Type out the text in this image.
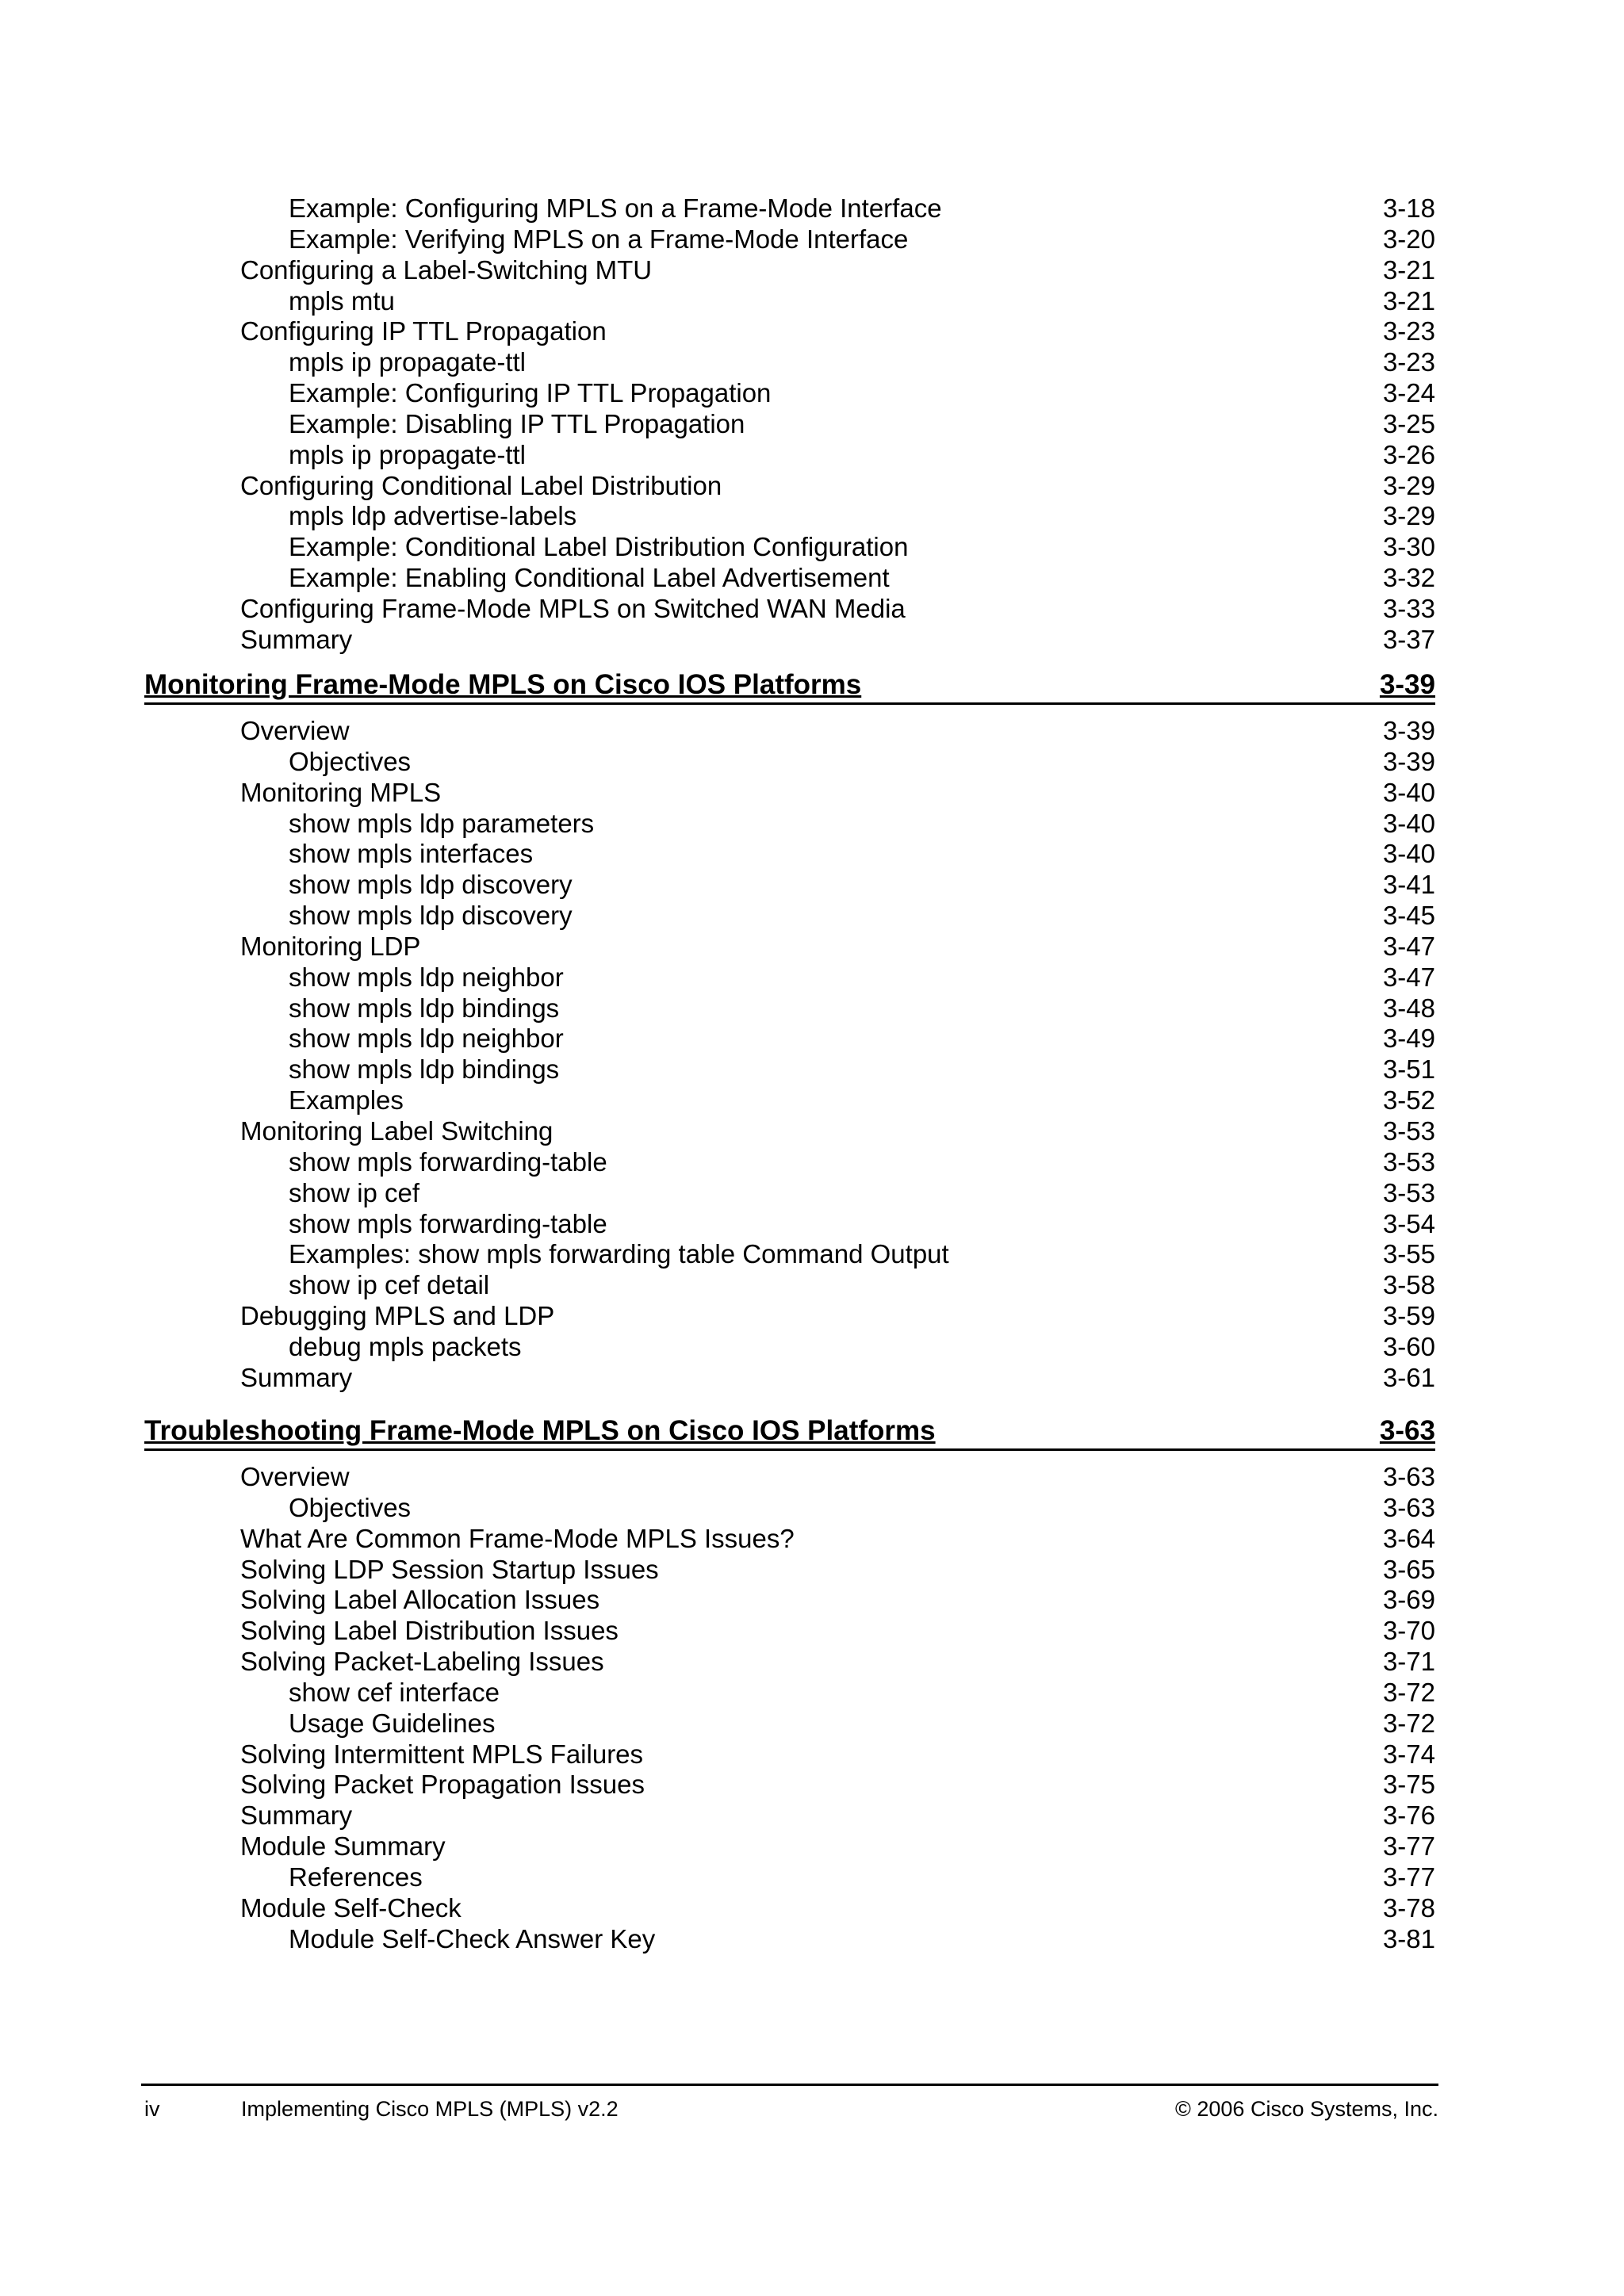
Example: Configuring MPLS on a Frame-Mode Interface	3-18
Example: Verifying MPLS on a Frame-Mode Interface	3-20
Configuring a Label-Switching MTU	3-21
mpls mtu	3-21
Configuring IP TTL Propagation	3-23
mpls ip propagate-ttl	3-23
Example: Configuring IP TTL Propagation	3-24
Example: Disabling IP TTL Propagation	3-25
mpls ip propagate-ttl	3-26
Configuring Conditional Label Distribution	3-29
mpls ldp advertise-labels	3-29
Example: Conditional Label Distribution Configuration	3-30
Example: Enabling Conditional Label Advertisement	3-32
Configuring Frame-Mode MPLS on Switched WAN Media	3-33
Summary	3-37
Monitoring Frame-Mode MPLS on Cisco IOS Platforms	3-39
Overview	3-39
Objectives	3-39
Monitoring MPLS	3-40
show mpls ldp parameters	3-40
show mpls interfaces	3-40
show mpls ldp discovery	3-41
show mpls ldp discovery	3-45
Monitoring LDP	3-47
show mpls ldp neighbor	3-47
show mpls ldp bindings	3-48
show mpls ldp neighbor	3-49
show mpls ldp bindings	3-51
Examples	3-52
Monitoring Label Switching	3-53
show mpls forwarding-table	3-53
show ip cef	3-53
show mpls forwarding-table	3-54
Examples: show mpls forwarding table Command Output	3-55
show ip cef detail	3-58
Debugging MPLS and LDP	3-59
debug mpls packets	3-60
Summary	3-61
Troubleshooting Frame-Mode MPLS on Cisco IOS Platforms	3-63
Overview	3-63
Objectives	3-63
What Are Common Frame-Mode MPLS Issues?	3-64
Solving LDP Session Startup Issues	3-65
Solving Label Allocation Issues	3-69
Solving Label Distribution Issues	3-70
Solving Packet-Labeling Issues	3-71
show cef interface	3-72
Usage Guidelines	3-72
Solving Intermittent MPLS Failures	3-74
Solving Packet Propagation Issues	3-75
Summary	3-76
Module Summary	3-77
References	3-77
Module Self-Check	3-78
Module Self-Check Answer Key	3-81
iv	Implementing Cisco MPLS (MPLS) v2.2	© 2006 Cisco Systems, Inc.
